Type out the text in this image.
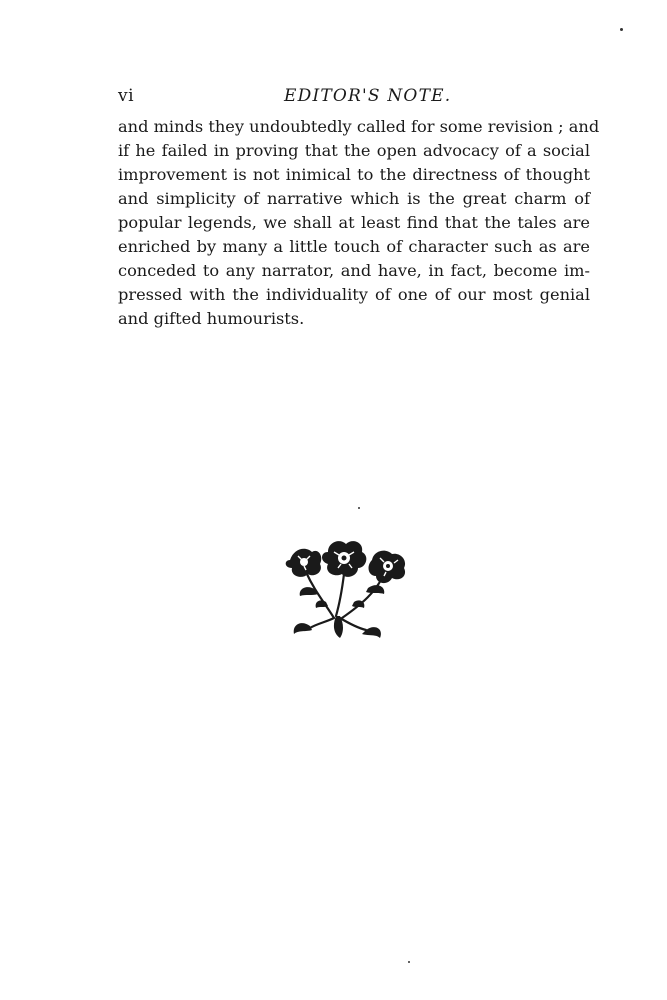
vi	EDITOR'S NOTE.
and minds they undoubtedly called for some revision ; and
if he failed in proving that the open advocacy of a social
improvement is not inimical to the directness of thought
and simplicity of narrative which is the great charm of
popular legends, we shall at least find that the tales are
enriched by many a little touch of character such as are
conceded to any narrator, and have, in fact, become im-
pressed with the individuality of one of our most genial
and gifted humourists.
